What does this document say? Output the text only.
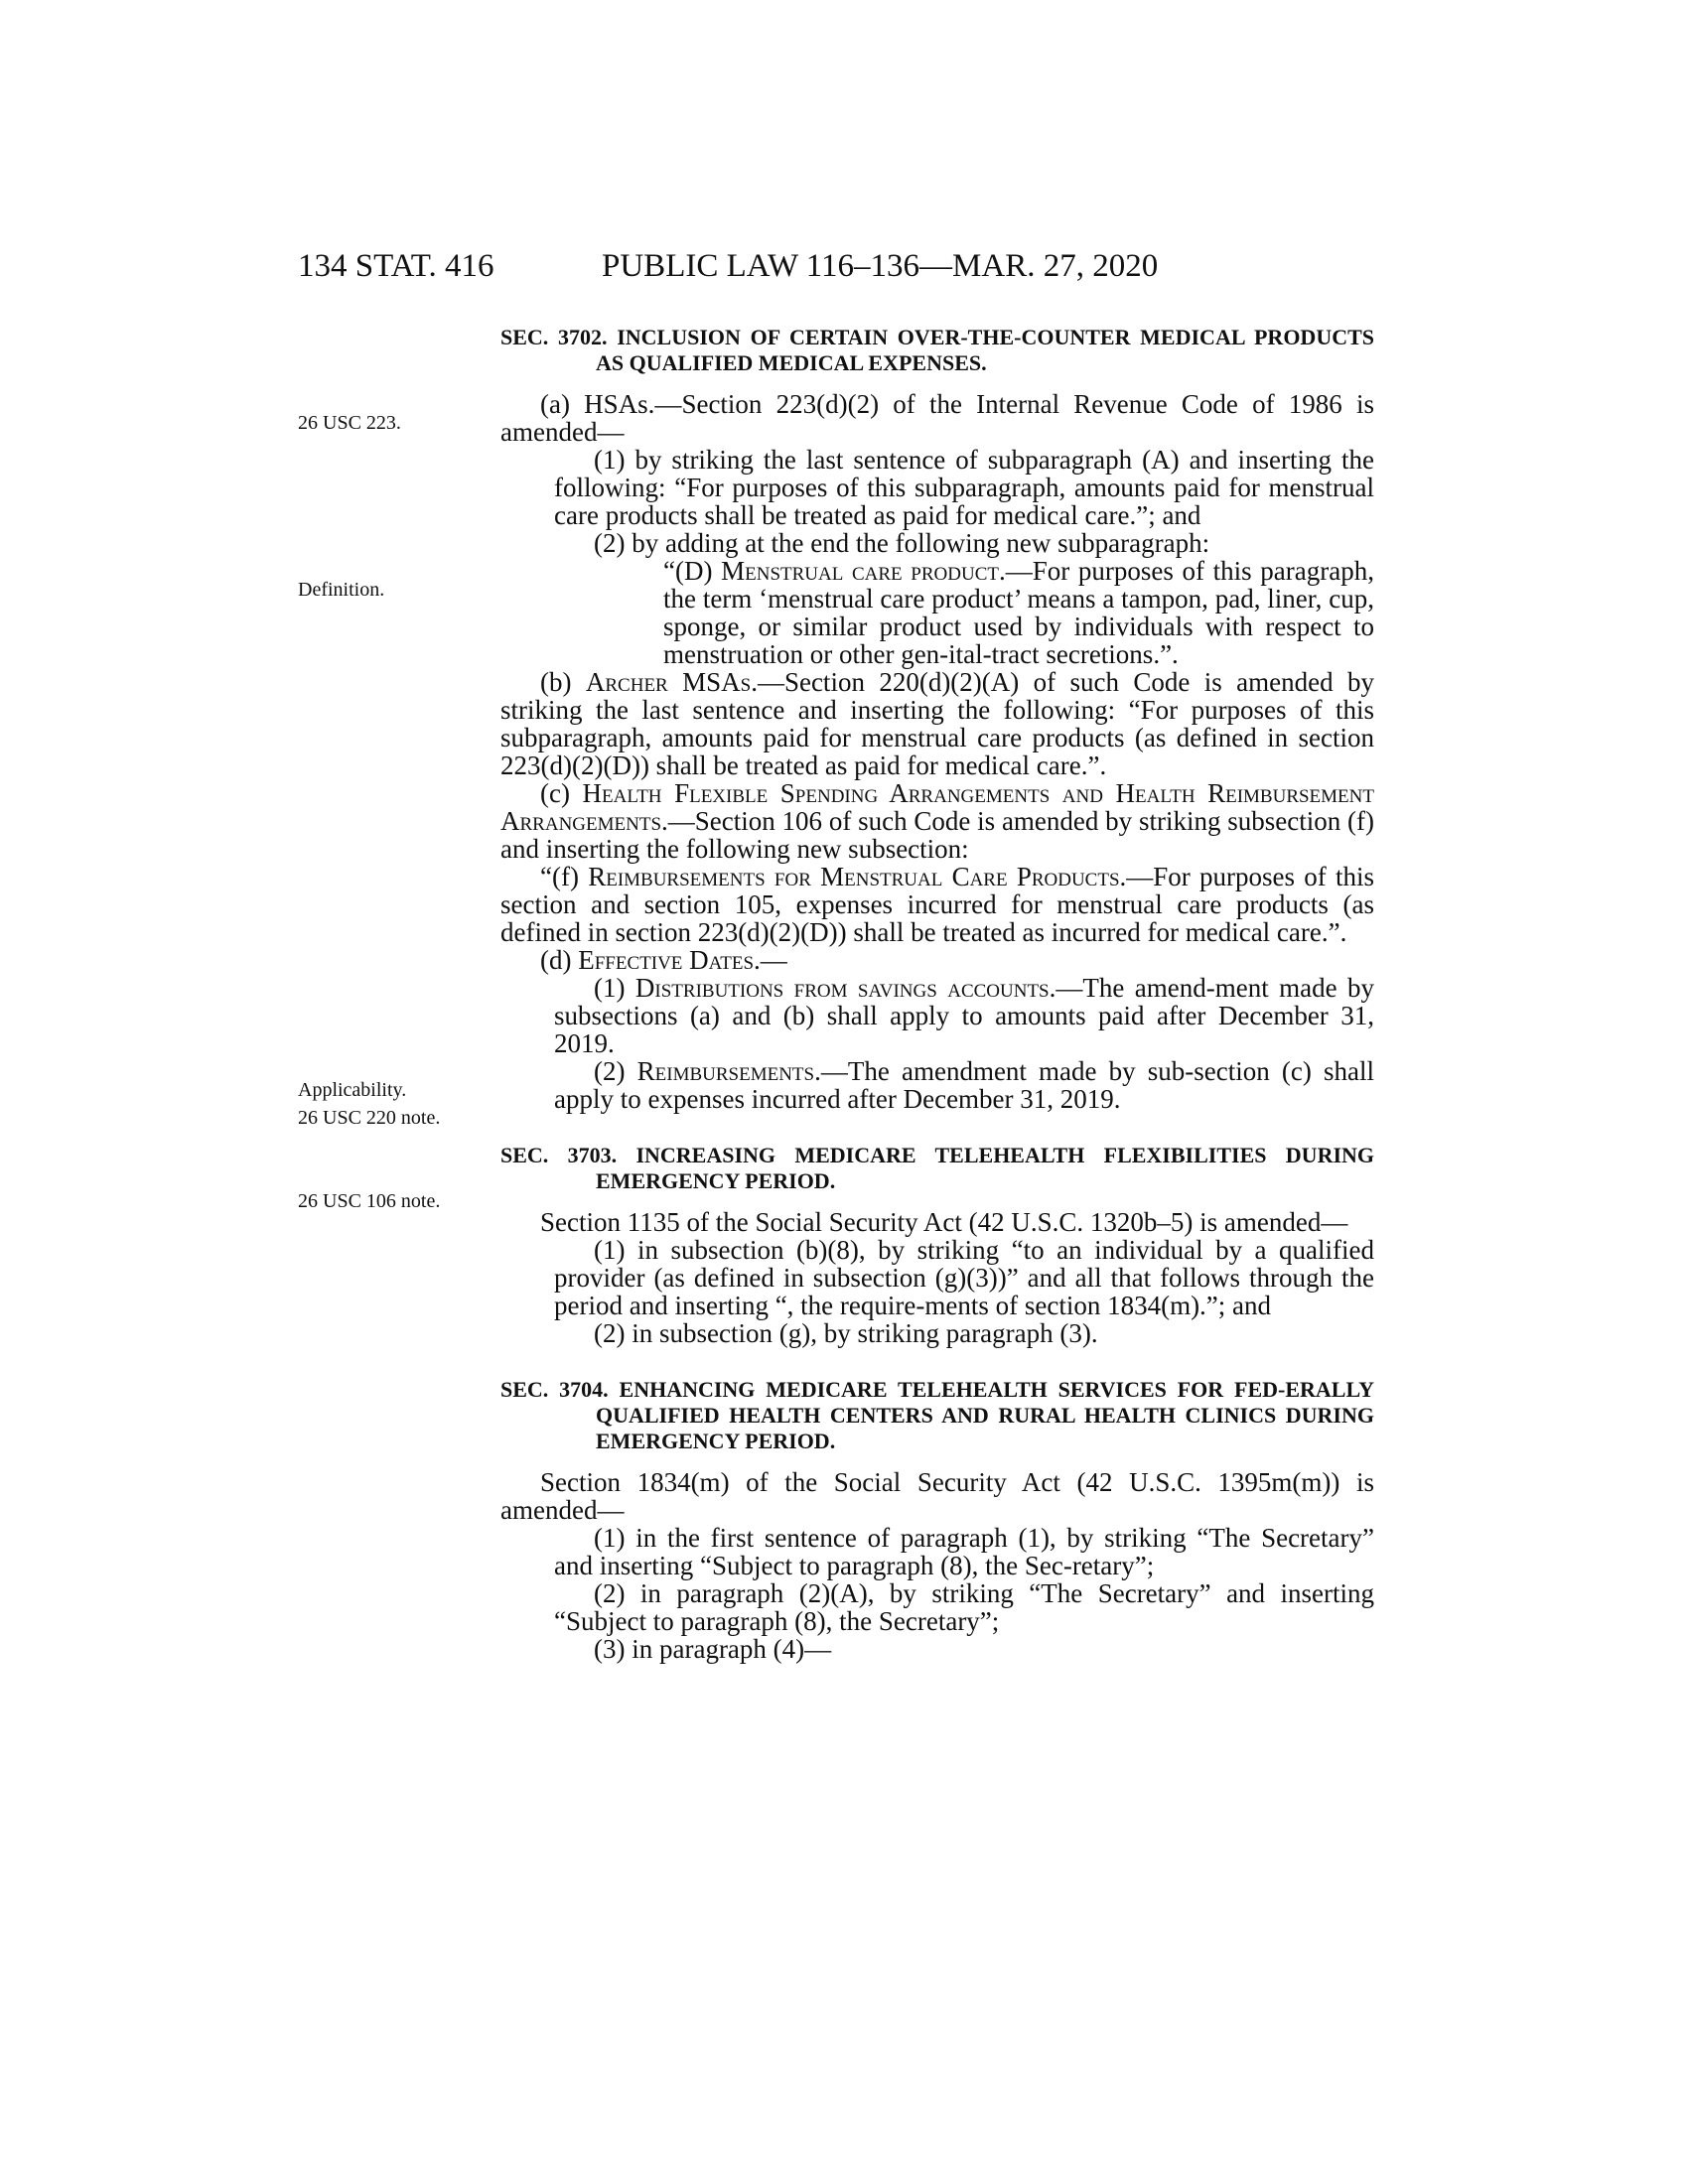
134 STAT. 416	PUBLIC LAW 116–136—MAR. 27, 2020
26 USC 223.
Definition.
Applicability.
26 USC 220 note.
26 USC 106 note.

SEC. 3702. INCLUSION OF CERTAIN OVER-THE-COUNTER MEDICAL PRODUCTS AS QUALIFIED MEDICAL EXPENSES.

(a) HSAs.—Section 223(d)(2) of the Internal Revenue Code of 1986 is amended—

(1) by striking the last sentence of subparagraph (A) and inserting the following: “For purposes of this subparagraph, amounts paid for menstrual care products shall be treated as paid for medical care.”; and

(2) by adding at the end the following new subparagraph:

“(D) Menstrual care product.—For purposes of this paragraph, the term ‘menstrual care product’ means a tampon, pad, liner, cup, sponge, or similar product used by individuals with respect to menstruation or other gen-ital-tract secretions.”.

(b) Archer MSAs.—Section 220(d)(2)(A) of such Code is amended by striking the last sentence and inserting the following: “For purposes of this subparagraph, amounts paid for menstrual care products (as defined in section 223(d)(2)(D)) shall be treated as paid for medical care.”.

(c) Health Flexible Spending Arrangements and Health Reimbursement Arrangements.—Section 106 of such Code is amended by striking subsection (f) and inserting the following new subsection:

“(f) Reimbursements for Menstrual Care Products.—For purposes of this section and section 105, expenses incurred for menstrual care products (as defined in section 223(d)(2)(D)) shall be treated as incurred for medical care.”.

(d) Effective Dates.—

(1) Distributions from savings accounts.—The amend-ment made by subsections (a) and (b) shall apply to amounts paid after December 31, 2019.

(2) Reimbursements.—The amendment made by sub-section (c) shall apply to expenses incurred after December 31, 2019.

SEC. 3703. INCREASING MEDICARE TELEHEALTH FLEXIBILITIES DURING EMERGENCY PERIOD.

Section 1135 of the Social Security Act (42 U.S.C. 1320b–5) is amended—

(1) in subsection (b)(8), by striking “to an individual by a qualified provider (as defined in subsection (g)(3))” and all that follows through the period and inserting “, the require-ments of section 1834(m).”; and

(2) in subsection (g), by striking paragraph (3).

SEC. 3704. ENHANCING MEDICARE TELEHEALTH SERVICES FOR FED-ERALLY QUALIFIED HEALTH CENTERS AND RURAL HEALTH CLINICS DURING EMERGENCY PERIOD.

Section 1834(m) of the Social Security Act (42 U.S.C. 1395m(m)) is amended—

(1) in the first sentence of paragraph (1), by striking “The Secretary” and inserting “Subject to paragraph (8), the Sec-retary”;

(2) in paragraph (2)(A), by striking “The Secretary” and inserting “Subject to paragraph (8), the Secretary”;

(3) in paragraph (4)—
